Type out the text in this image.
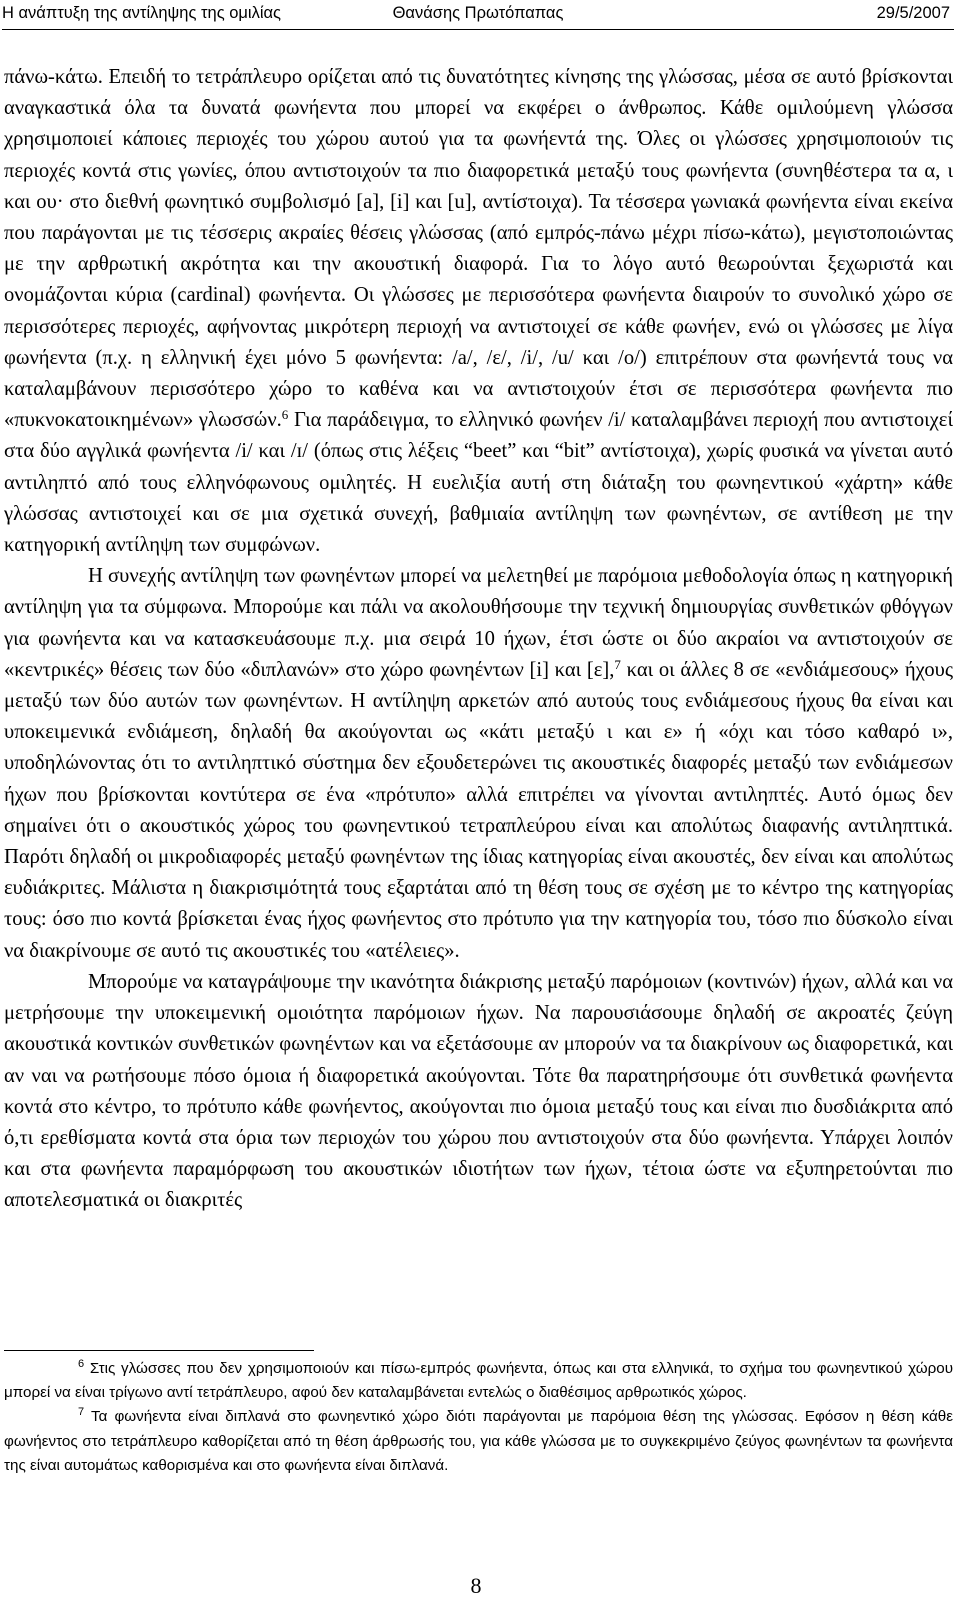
Η ανάπτυξη της αντίληψης της ομιλίας	Θανάσης Πρωτόπαπας	29/5/2007

πάνω-κάτω. Επειδή το τετράπλευρο ορίζεται από τις δυνατότητες κίνησης της γλώσσας, μέσα σε αυτό βρίσκονται αναγκαστικά όλα τα δυνατά φωνήεντα που μπορεί να εκφέρει ο άνθρωπος. Κάθε ομιλούμενη γλώσσα χρησιμοποιεί κάποιες περιοχές του χώρου αυτού για τα φωνήεντά της. Όλες οι γλώσσες χρησιμοποιούν τις περιοχές κοντά στις γωνίες, όπου αντιστοιχούν τα πιο διαφορετικά μεταξύ τους φωνήεντα (συνηθέστερα τα α, ι και ου· στο διεθνή φωνητικό συμβολισμό [a], [i] και [u], αντίστοιχα). Τα τέσσερα γωνιακά φωνήεντα είναι εκείνα που παράγονται με τις τέσσερις ακραίες θέσεις γλώσσας (από εμπρός-πάνω μέχρι πίσω-κάτω), μεγιστοποιώντας με την αρθρωτική ακρότητα και την ακουστική διαφορά. Για το λόγο αυτό θεωρούνται ξεχωριστά και ονομάζονται κύρια (cardinal) φωνήεντα. Οι γλώσσες με περισσότερα φωνήεντα διαιρούν το συνολικό χώρο σε περισσότερες περιοχές, αφήνοντας μικρότερη περιοχή να αντιστοιχεί σε κάθε φωνήεν, ενώ οι γλώσσες με λίγα φωνήεντα (π.χ. η ελληνική έχει μόνο 5 φωνήεντα: /a/, /ε/, /i/, /u/ και /o/) επιτρέπουν στα φωνήεντά τους να καταλαμβάνουν περισσότερο χώρο το καθένα και να αντιστοιχούν έτσι σε περισσότερα φωνήεντα πιο «πυκνοκατοικημένων» γλωσσών.$^6$ Για παράδειγμα, το ελληνικό φωνήεν /i/ καταλαμβάνει περιοχή που αντιστοιχεί στα δύο αγγλικά φωνήεντα /i/ και /ɪ/ (όπως στις λέξεις “beet” και “bit” αντίστοιχα), χωρίς φυσικά να γίνεται αυτό αντιληπτό από τους ελληνόφωνους ομιλητές. Η ευελιξία αυτή στη διάταξη του φωνηεντικού «χάρτη» κάθε γλώσσας αντιστοιχεί και σε μια σχετικά συνεχή, βαθμιαία αντίληψη των φωνηέντων, σε αντίθεση με την κατηγορική αντίληψη των συμφώνων.

Η συνεχής αντίληψη των φωνηέντων μπορεί να μελετηθεί με παρόμοια μεθοδολογία όπως η κατηγορική αντίληψη για τα σύμφωνα. Μπορούμε και πάλι να ακολουθήσουμε την τεχνική δημιουργίας συνθετικών φθόγγων για φωνήεντα και να κατασκευάσουμε π.χ. μια σειρά 10 ήχων, έτσι ώστε οι δύο ακραίοι να αντιστοιχούν σε «κεντρικές» θέσεις των δύο «διπλανών» στο χώρο φωνηέντων [i] και [ε],$^7$ και οι άλλες 8 σε «ενδιάμεσους» ήχους μεταξύ των δύο αυτών των φωνηέντων. Η αντίληψη αρκετών από αυτούς τους ενδιάμεσους ήχους θα είναι και υποκειμενικά ενδιάμεση, δηλαδή θα ακούγονται ως «κάτι μεταξύ ι και ε» ή «όχι και τόσο καθαρό ι», υποδηλώνοντας ότι το αντιληπτικό σύστημα δεν εξουδετερώνει τις ακουστικές διαφορές μεταξύ των ενδιάμεσων ήχων που βρίσκονται κοντύτερα σε ένα «πρότυπο» αλλά επιτρέπει να γίνονται αντιληπτές. Αυτό όμως δεν σημαίνει ότι ο ακουστικός χώρος του φωνηεντικού τετραπλεύρου είναι και απολύτως διαφανής αντιληπτικά. Παρότι δηλαδή οι μικροδιαφορές μεταξύ φωνηέντων της ίδιας κατηγορίας είναι ακουστές, δεν είναι και απολύτως ευδιάκριτες. Μάλιστα η διακρισιμότητά τους εξαρτάται από τη θέση τους σε σχέση με το κέντρο της κατηγορίας τους: όσο πιο κοντά βρίσκεται ένας ήχος φωνήεντος στο πρότυπο για την κατηγορία του, τόσο πιο δύσκολο είναι να διακρίνουμε σε αυτό τις ακουστικές του «ατέλειες».

Μπορούμε να καταγράψουμε την ικανότητα διάκρισης μεταξύ παρόμοιων (κοντινών) ήχων, αλλά και να μετρήσουμε την υποκειμενική ομοιότητα παρόμοιων ήχων. Να παρουσιάσουμε δηλαδή σε ακροατές ζεύγη ακουστικά κοντικών συνθετικών φωνηέντων και να εξετάσουμε αν μπορούν να τα διακρίνουν ως διαφορετικά, και αν ναι να ρωτήσουμε πόσο όμοια ή διαφορετικά ακούγονται. Τότε θα παρατηρήσουμε ότι συνθετικά φωνήεντα κοντά στο κέντρο, το πρότυπο κάθε φωνήεντος, ακούγονται πιο όμοια μεταξύ τους και είναι πιο δυσδιάκριτα από ό,τι ερεθίσματα κοντά στα όρια των περιοχών του χώρου που αντιστοιχούν στα δύο φωνήεντα. Υπάρχει λοιπόν και στα φωνήεντα παραμόρφωση του ακουστικών ιδιοτήτων των ήχων, τέτοια ώστε να εξυπηρετούνται πιο αποτελεσματικά οι διακριτές

$^6$ Στις γλώσσες που δεν χρησιμοποιούν και πίσω-εμπρός φωνήεντα, όπως και στα ελληνικά, το σχήμα του φωνηεντικού χώρου μπορεί να είναι τρίγωνο αντί τετράπλευρο, αφού δεν καταλαμβάνεται εντελώς ο διαθέσιμος αρθρωτικός χώρος.

$^7$ Τα φωνήεντα είναι διπλανά στο φωνηεντικό χώρο διότι παράγονται με παρόμοια θέση της γλώσσας. Εφόσον η θέση κάθε φωνήεντος στο τετράπλευρο καθορίζεται από τη θέση άρθρωσής του, για κάθε γλώσσα με το συγκεκριμένο ζεύγος φωνηέντων τα φωνήεντα της είναι αυτομάτως καθορισμένα και στο φωνήεντα είναι διπλανά.

8
